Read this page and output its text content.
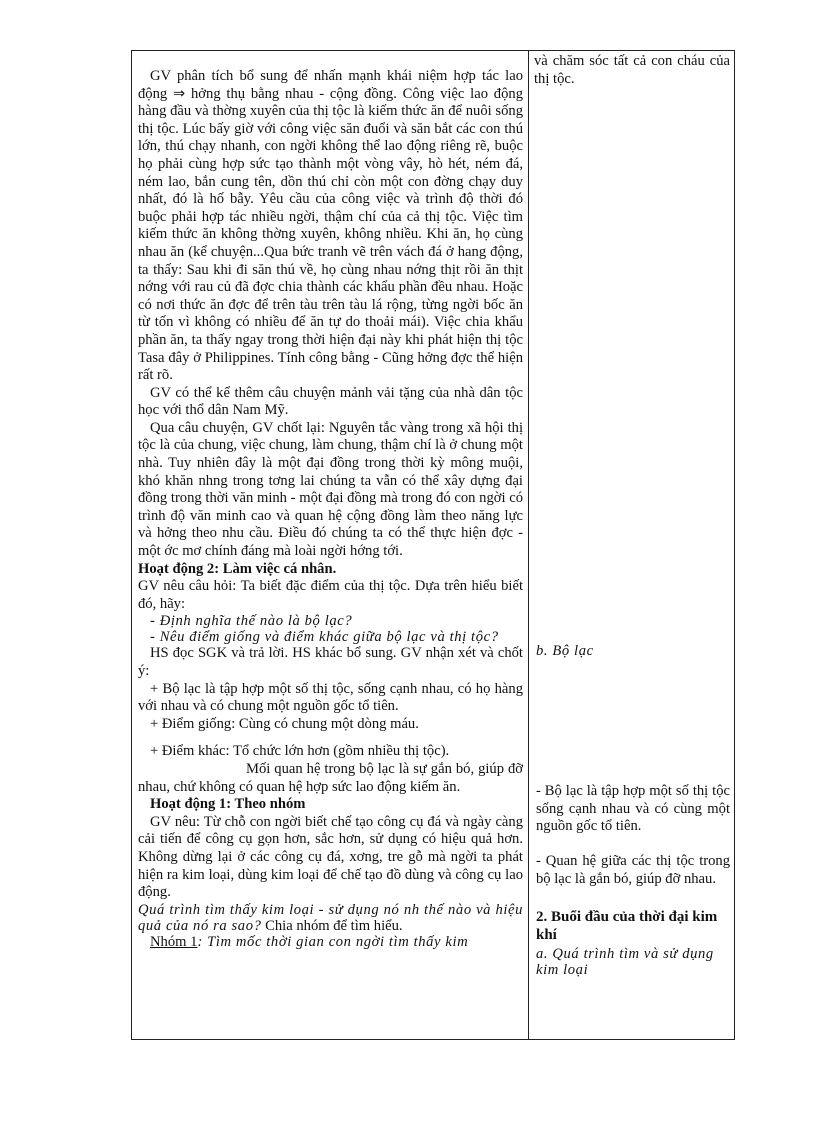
GV phân tích bổ sung để nhấn mạnh khái niệm hợp tác lao động ⇒ hởng thụ bằng nhau - cộng đồng. Công việc lao động hàng đầu và thờng xuyên của thị tộc là kiếm thức ăn để nuôi sống thị tộc. Lúc bấy giờ với công việc săn đuổi và săn bắt các con thú lớn, thú chạy nhanh, con ngời không thể lao động riêng rẽ, buộc họ phải cùng hợp sức tạo thành một vòng vây, hò hét, ném đá, ném lao, bắn cung tên, dồn thú chỉ còn một con đờng chạy duy nhất, đó là hố bẫy. Yêu cầu của công việc và trình độ thời đó buộc phải hợp tác nhiều ngời, thậm chí của cả thị tộc. Việc tìm kiếm thức ăn không thờng xuyên, không nhiều. Khi ăn, họ cùng nhau ăn (kể chuyện...Qua bức tranh vẽ trên vách đá ở hang động, ta thấy: Sau khi đi săn thú về, họ cùng nhau nớng thịt rồi ăn thịt nớng với rau củ đã đợc chia thành các khẩu phần đều nhau. Hoặc có nơi thức ăn đợc để trên tàu trên tàu lá rộng, từng ngời bốc ăn từ tốn vì không có nhiều để ăn tự do thoải mái). Việc chia khẩu phần ăn, ta thấy ngay trong thời hiện đại này khi phát hiện thị tộc Tasa đây ở Philippines. Tính công bằng - Cũng hởng đợc thể hiện rất rõ.

GV có thể kể thêm câu chuyện mảnh vải tặng của nhà dân tộc học với thổ dân Nam Mỹ.

Qua câu chuyện, GV chốt lại: Nguyên tắc vàng trong xã hội thị tộc là của chung, việc chung, làm chung, thậm chí là ở chung một nhà. Tuy nhiên đây là một đại đồng trong thời kỳ mông muội, khó khăn nhng trong tơng lai chúng ta vẫn có thể xây dựng đại đồng trong thời văn minh - một đại đồng mà trong đó con ngời có trình độ văn minh cao và quan hệ cộng đồng làm theo năng lực và hởng theo nhu cầu. Điều đó chúng ta có thể thực hiện đợc - một ớc mơ chính đáng mà loài ngời hớng tới.

Hoạt động 2: Làm việc cá nhân.

GV nêu câu hỏi: Ta biết đặc điểm của thị tộc. Dựa trên hiểu biết đó, hãy:

- Định nghĩa thế nào là bộ lạc?

- Nêu điểm giống và điểm khác giữa bộ lạc và thị tộc?

HS đọc SGK và trả lời. HS khác bổ sung. GV nhận xét và chốt ý:

+ Bộ lạc là tập hợp một số thị tộc, sống cạnh nhau, có họ hàng với nhau và có chung một nguồn gốc tổ tiên.

+ Điểm giống: Cùng có chung một dòng máu.

+ Điểm khác: Tổ chức lớn hơn (gồm nhiều thị tộc).

Mối quan hệ trong bộ lạc là sự gắn bó, giúp đỡ nhau, chứ không có quan hệ hợp sức lao động kiếm ăn.

Hoạt động 1: Theo nhóm

GV nêu: Từ chỗ con ngời biết chế tạo công cụ đá và ngày càng cải tiến để công cụ gọn hơn, sắc hơn, sử dụng có hiệu quả hơn. Không dừng lại ở các công cụ đá, xơng, tre gỗ mà ngời ta phát hiện ra kim loại, dùng kim loại để chế tạo đồ dùng và công cụ lao động.

Quá trình tìm thấy kim loại - sử dụng nó nh thế nào và hiệu quả của nó ra sao? Chia nhóm để tìm hiểu.

Nhóm 1: Tìm mốc thời gian con ngời tìm thấy kim

và chăm sóc tất cả con cháu của thị tộc.

b. Bộ lạc

- Bộ lạc là tập hợp một số thị tộc sống cạnh nhau và có cùng một nguồn gốc tổ tiên.

- Quan hệ giữa các thị tộc trong bộ lạc là gắn bó, giúp đỡ nhau.

2. Buổi đầu của thời đại kim khí

a. Quá trình tìm và sử dụng kim loại
